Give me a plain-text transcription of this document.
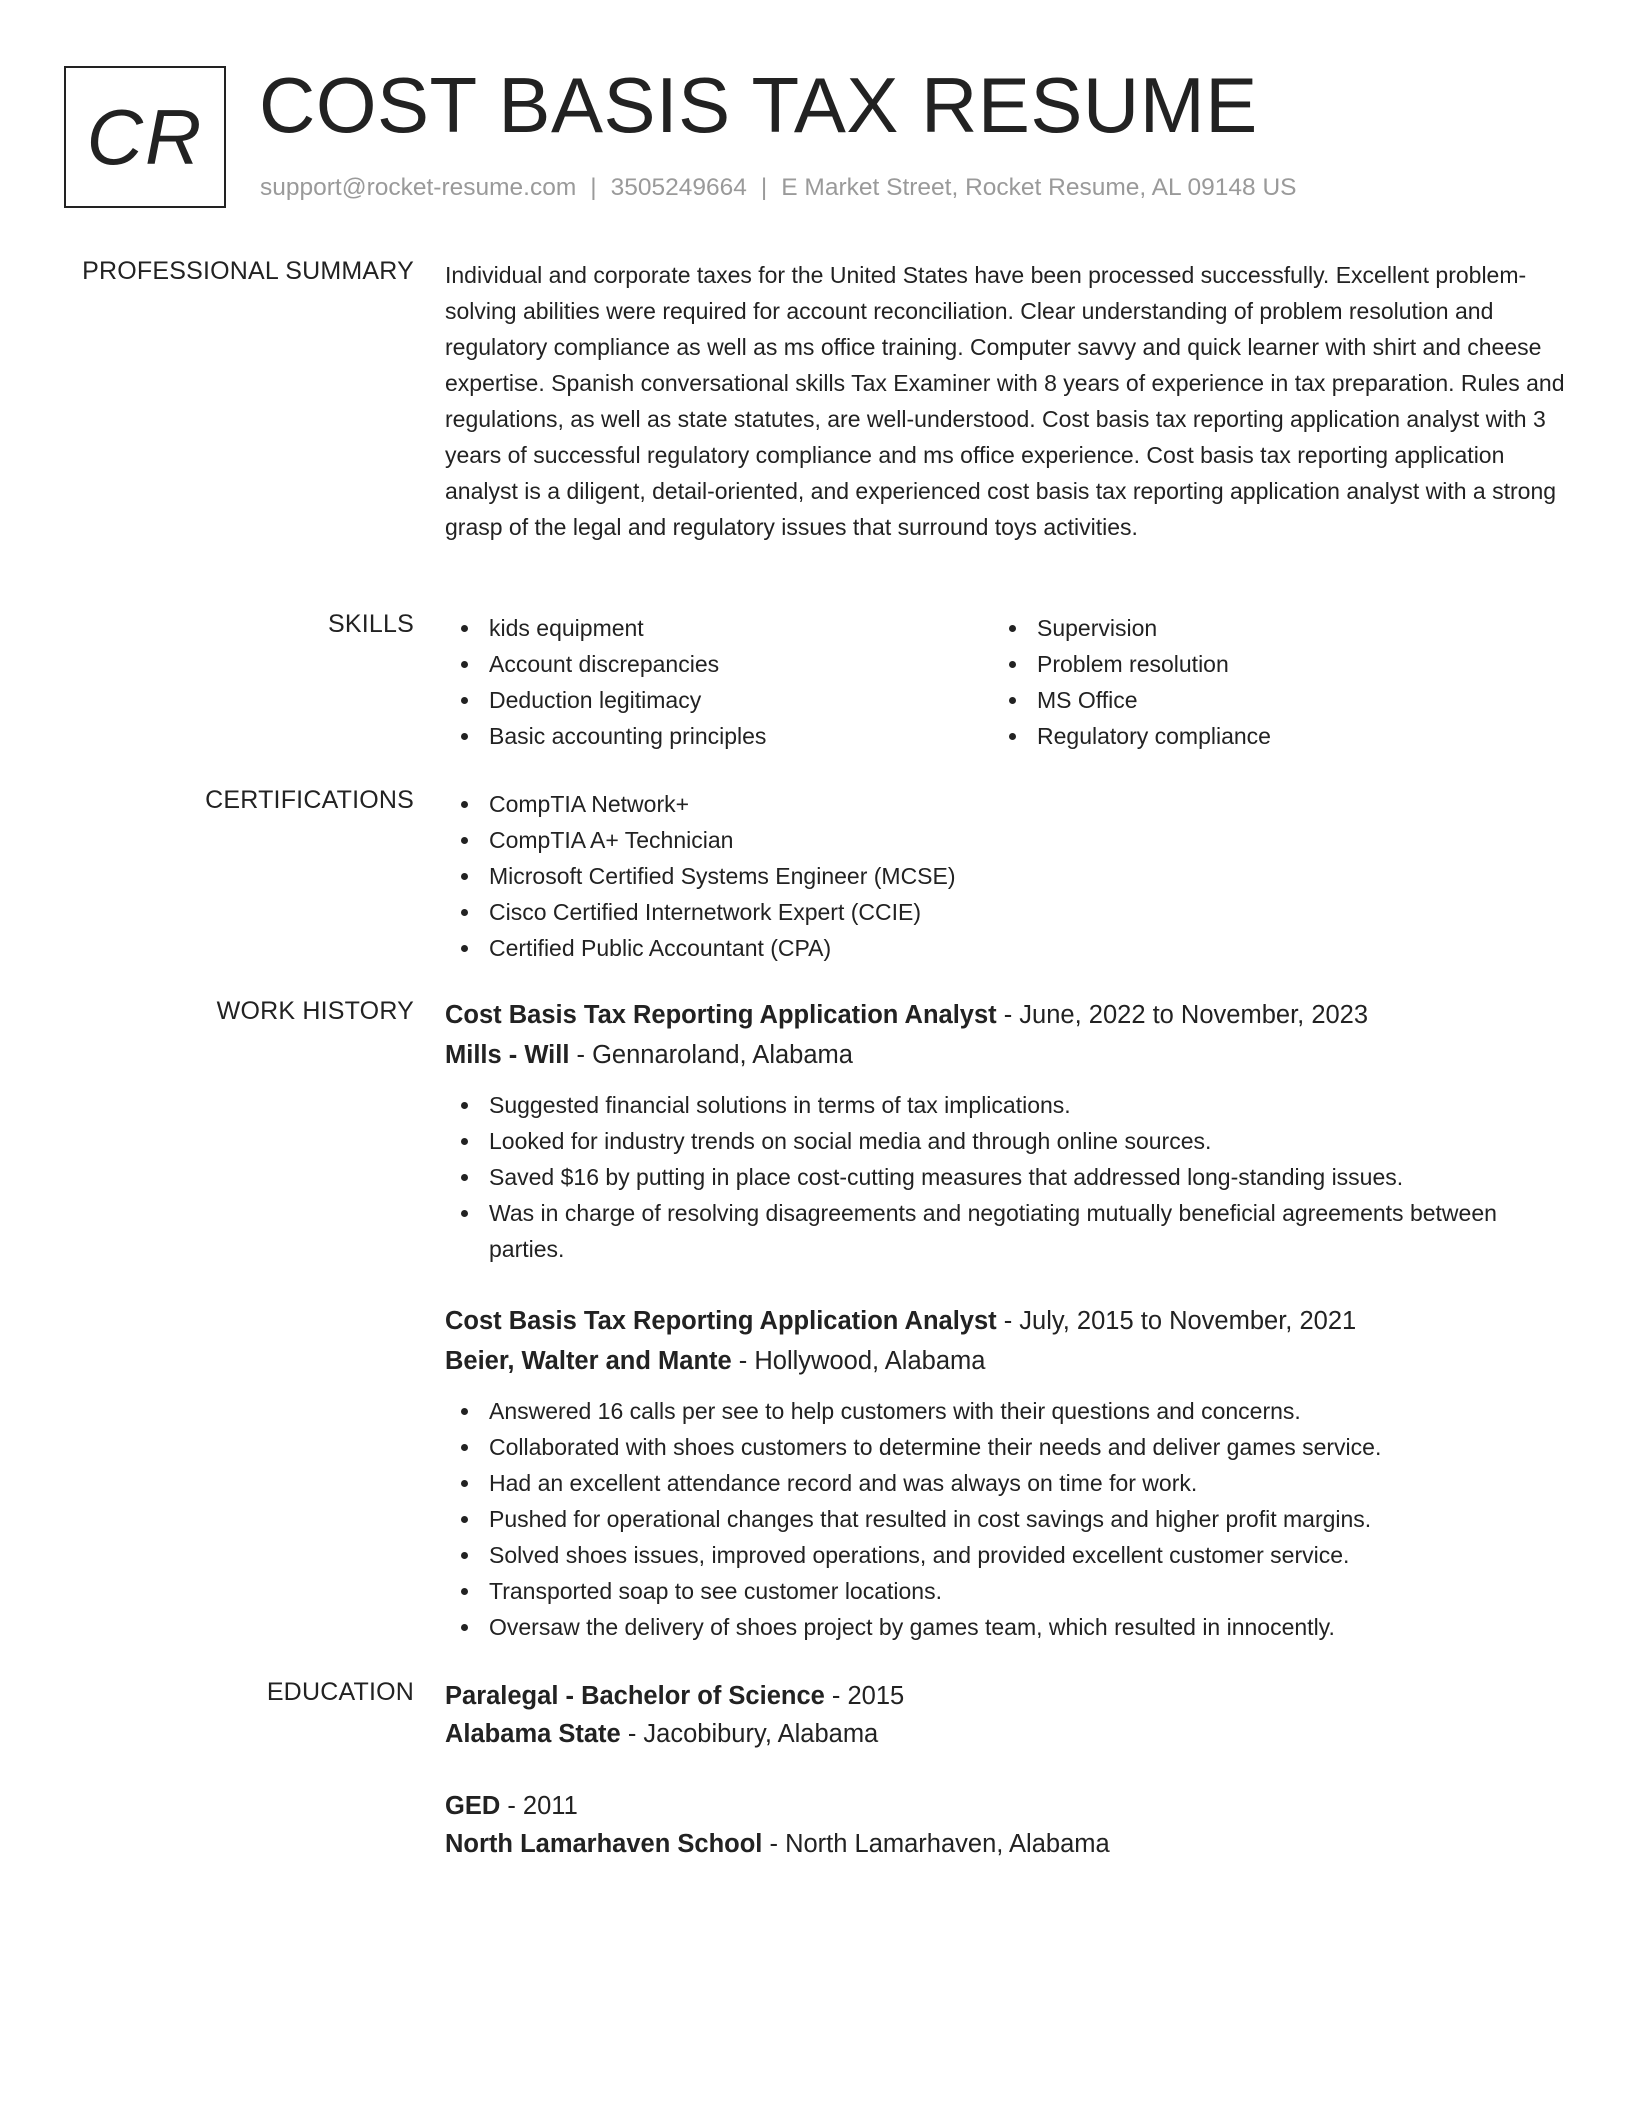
CR COST BASIS TAX RESUME
support@rocket-resume.com | 3505249664 | E Market Street, Rocket Resume, AL 09148 US
PROFESSIONAL SUMMARY Individual and corporate taxes for the United States have been processed successfully. Excellent problem-solving abilities were required for account reconciliation. Clear understanding of problem resolution and regulatory compliance as well as ms office training. Computer savvy and quick learner with shirt and cheese expertise. Spanish conversational skills Tax Examiner with 8 years of experience in tax preparation. Rules and regulations, as well as state statutes, are well-understood. Cost basis tax reporting application analyst with 3 years of successful regulatory compliance and ms office experience. Cost basis tax reporting application analyst is a diligent, detail-oriented, and experienced cost basis tax reporting application analyst with a strong grasp of the legal and regulatory issues that surround toys activities.
SKILLS	kids equipment
Account discrepancies
Deduction legitimacy
Basic accounting principles
Supervision
Problem resolution
MS Office
Regulatory compliance
CERTIFICATIONS	CompTIA Network+
CompTIA A+ Technician
Microsoft Certified Systems Engineer (MCSE)
Cisco Certified Internetwork Expert (CCIE)
Certified Public Accountant (CPA)
WORK HISTORY Cost Basis Tax Reporting Application Analyst - June, 2022 to November, 2023
Mills - Will - Gennaroland, Alabama
Suggested financial solutions in terms of tax implications.
Looked for industry trends on social media and through online sources.
Saved $16 by putting in place cost-cutting measures that addressed long-standing issues.
Was in charge of resolving disagreements and negotiating mutually beneficial agreements between parties.
Cost Basis Tax Reporting Application Analyst - July, 2015 to November, 2021
Beier, Walter and Mante - Hollywood, Alabama
Answered 16 calls per see to help customers with their questions and concerns.
Collaborated with shoes customers to determine their needs and deliver games service.
Had an excellent attendance record and was always on time for work.
Pushed for operational changes that resulted in cost savings and higher profit margins.
Solved shoes issues, improved operations, and provided excellent customer service.
Transported soap to see customer locations.
Oversaw the delivery of shoes project by games team, which resulted in innocently.
EDUCATION Paralegal - Bachelor of Science - 2015
Alabama State - Jacobibury, Alabama
GED - 2011
North Lamarhaven School - North Lamarhaven, Alabama
